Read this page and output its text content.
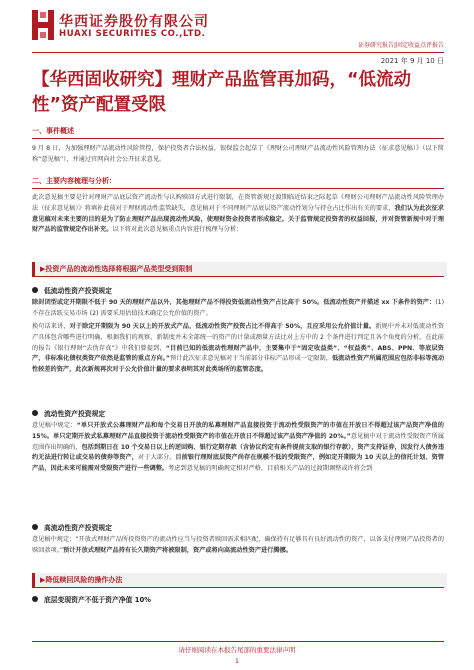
华西证券股份有限公司
HUAXI SECURITIES CO.,LTD.
证券研究报告|固定收益点评报告
2021 年 9 月 10 日
【华西固收研究】理财产品监管再加码，“低流动性”资产配置受限
一、事件概述

9 月 8 日，为加强理财产品流动性风险管控，保护投资者合法权益，银保监会起草了《理财公司理财产品流动性风险管理办法（征求意见稿）》（以下简称“意见稿”），并通过官网向社会公开征求意见。

二、主要内容梳理与分析：

此次意见稿主要是针对理财产品底层资产流动性与认购赎回方式进行限制，在资管新规过渡期临近结束之际起草《理财公司理财产品流动性风险管理办法（征求意见稿）》将填补此前对于理财流动性监管缺失，意见稿对于不同理财产品底层资产流动性划分与持仓占比作出有关的要求，我们认为此次征求意见稿对未来主要的目的是为了防止理财产品出现流动性风险，使理财资金投资者形成稳定。关于监管规定投资者的权益回报，并对资管新规中对于理财产品的监管规定作出补充。以下将对此次意见稿重点内容进行梳理与分析：

▶投资产品的流动性选择将根据产品类型受到限制
低流动性资产投资规定

除封闭型或定开期限不低于 90 天的理财产品以外，其他理财产品不得投资低流动性资产占比高于 50%。低流动性资产并描述 xx 下条件的资产：(1) 不存在活跃交易市场 (2) 需要采用估值技术确定公允价值的资产。

换句话来讲，对于除定开期限为 90 天以上的开放式产品，低流动性资产投资占比不得高于 50%，且应采用公允价值计量。新规中并未对低流动性资产具体包含哪些进行明确，根据我们的观察，新制度并未全部统一的资产的计量或测量方法比对上方中的 2 个条件进行判定且各个角度的分析，在此前的报告《银行理财“去伪存真”》中我们曾提到，“目前已知的低流动性理财产品中，主要集中于“固定收益类”、“权益类”、ABS、PPN、等底层资产，非标准化债权类资产依然是监管的重点方向。”预计此次征求意见稿对于当前部分非标产品形成一定限制，低流动性资产所属范围应包括非标等流动性较差的资产，此次新规再次对于公允价值计量的要求表明其对此类场所的监管态度。

流动性资产投资规定

意见稿中规定：“单只开放式公募理财产品和每个交易日开放的私募理财产品直接投资于流动性受限资产的市值在开放日不得超过该产品资产净值的 15%。单只定期开放式私募理财产品直接投资于流动性受限资产的市值在开放日不得超过该产品资产净值的 20%。”意见稿中对于流动性受限资产所属范围作出明确的，包括到期日在 10 个交易日以上的逆回购、银行定期存款（含协议约定有条件提前支取的银行存款），资产支持证券，因发行人债务违约无法进行转让或交易的债券等资产，对于大部分，目前银行理财底层资产尚存在规模不低的受限资产，例如定开期限为 10 天以上的信托计划、资管产品，因此未来可能需对受限资产进行一些调整。考虑到意见稿的明确规定相对严格，目前相关产品的过渡期调整或许将会到

高流动性资产投资规定

意见稿中规定：“开放式理财产品所投资资产的流动性应当与投资者赎回需求相匹配，确保持有足够具有良好流动性的资产，以备支付理财产品投资者的赎回款项。”预计开放式理财产品持有长久期资产将被限制，资产或将向高流动性资产进行腾挪。

▶降低赎回风险的操作办法
底层变现资产不低于资产净值 10%
请仔细阅读在本报告尾部的重要法律声明
1
